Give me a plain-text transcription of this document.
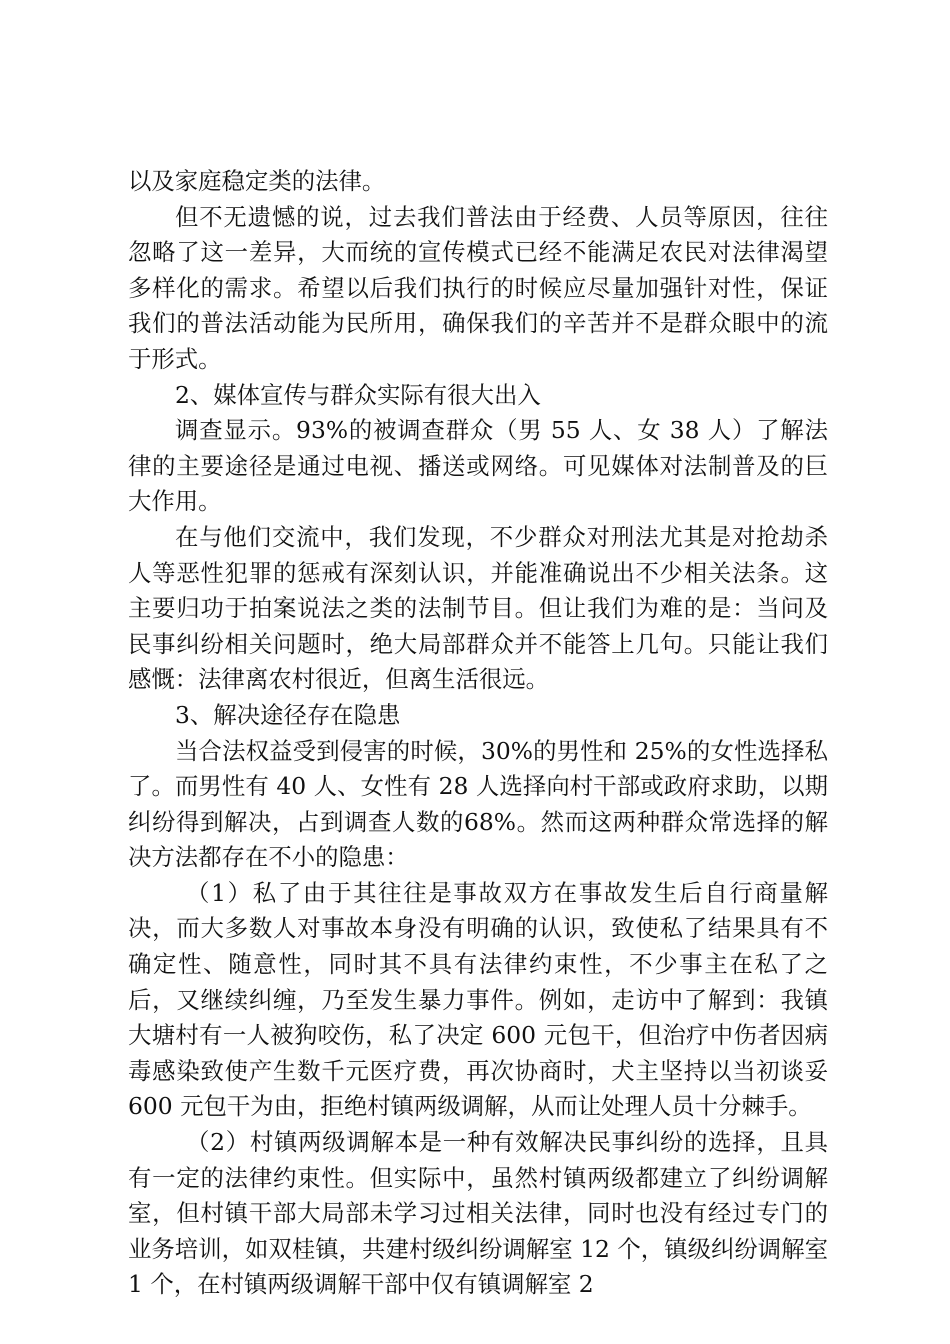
以及家庭稳定类的法律。

但不无遗憾的说，过去我们普法由于经费、人员等原因，往往忽略了这一差异，大而统的宣传模式已经不能满足农民对法律渴望多样化的需求。希望以后我们执行的时候应尽量加强针对性，保证我们的普法活动能为民所用，确保我们的辛苦并不是群众眼中的流于形式。

2、媒体宣传与群众实际有很大出入

调查显示。93%的被调查群众（男 55 人、女 38 人）了解法律的主要途径是通过电视、播送或网络。可见媒体对法制普及的巨大作用。

在与他们交流中，我们发现，不少群众对刑法尤其是对抢劫杀人等恶性犯罪的惩戒有深刻认识，并能准确说出不少相关法条。这主要归功于拍案说法之类的法制节目。但让我们为难的是：当问及民事纠纷相关问题时，绝大局部群众并不能答上几句。只能让我们感慨：法律离农村很近，但离生活很远。

3、解决途径存在隐患

当合法权益受到侵害的时候，30%的男性和 25%的女性选择私了。而男性有 40 人、女性有 28 人选择向村干部或政府求助，以期纠纷得到解决，占到调查人数的68%。然而这两种群众常选择的解决方法都存在不小的隐患：

（1）私了由于其往往是事故双方在事故发生后自行商量解决，而大多数人对事故本身没有明确的认识，致使私了结果具有不确定性、随意性，同时其不具有法律约束性，不少事主在私了之后，又继续纠缠，乃至发生暴力事件。例如，走访中了解到：我镇大塘村有一人被狗咬伤，私了决定 600 元包干，但治疗中伤者因病毒感染致使产生数千元医疗费，再次协商时，犬主坚持以当初谈妥 600 元包干为由，拒绝村镇两级调解，从而让处理人员十分棘手。

（2）村镇两级调解本是一种有效解决民事纠纷的选择，且具有一定的法律约束性。但实际中，虽然村镇两级都建立了纠纷调解室，但村镇干部大局部未学习过相关法律，同时也没有经过专门的业务培训，如双桂镇，共建村级纠纷调解室 12 个，镇级纠纷调解室 1 个，在村镇两级调解干部中仅有镇调解室 2
